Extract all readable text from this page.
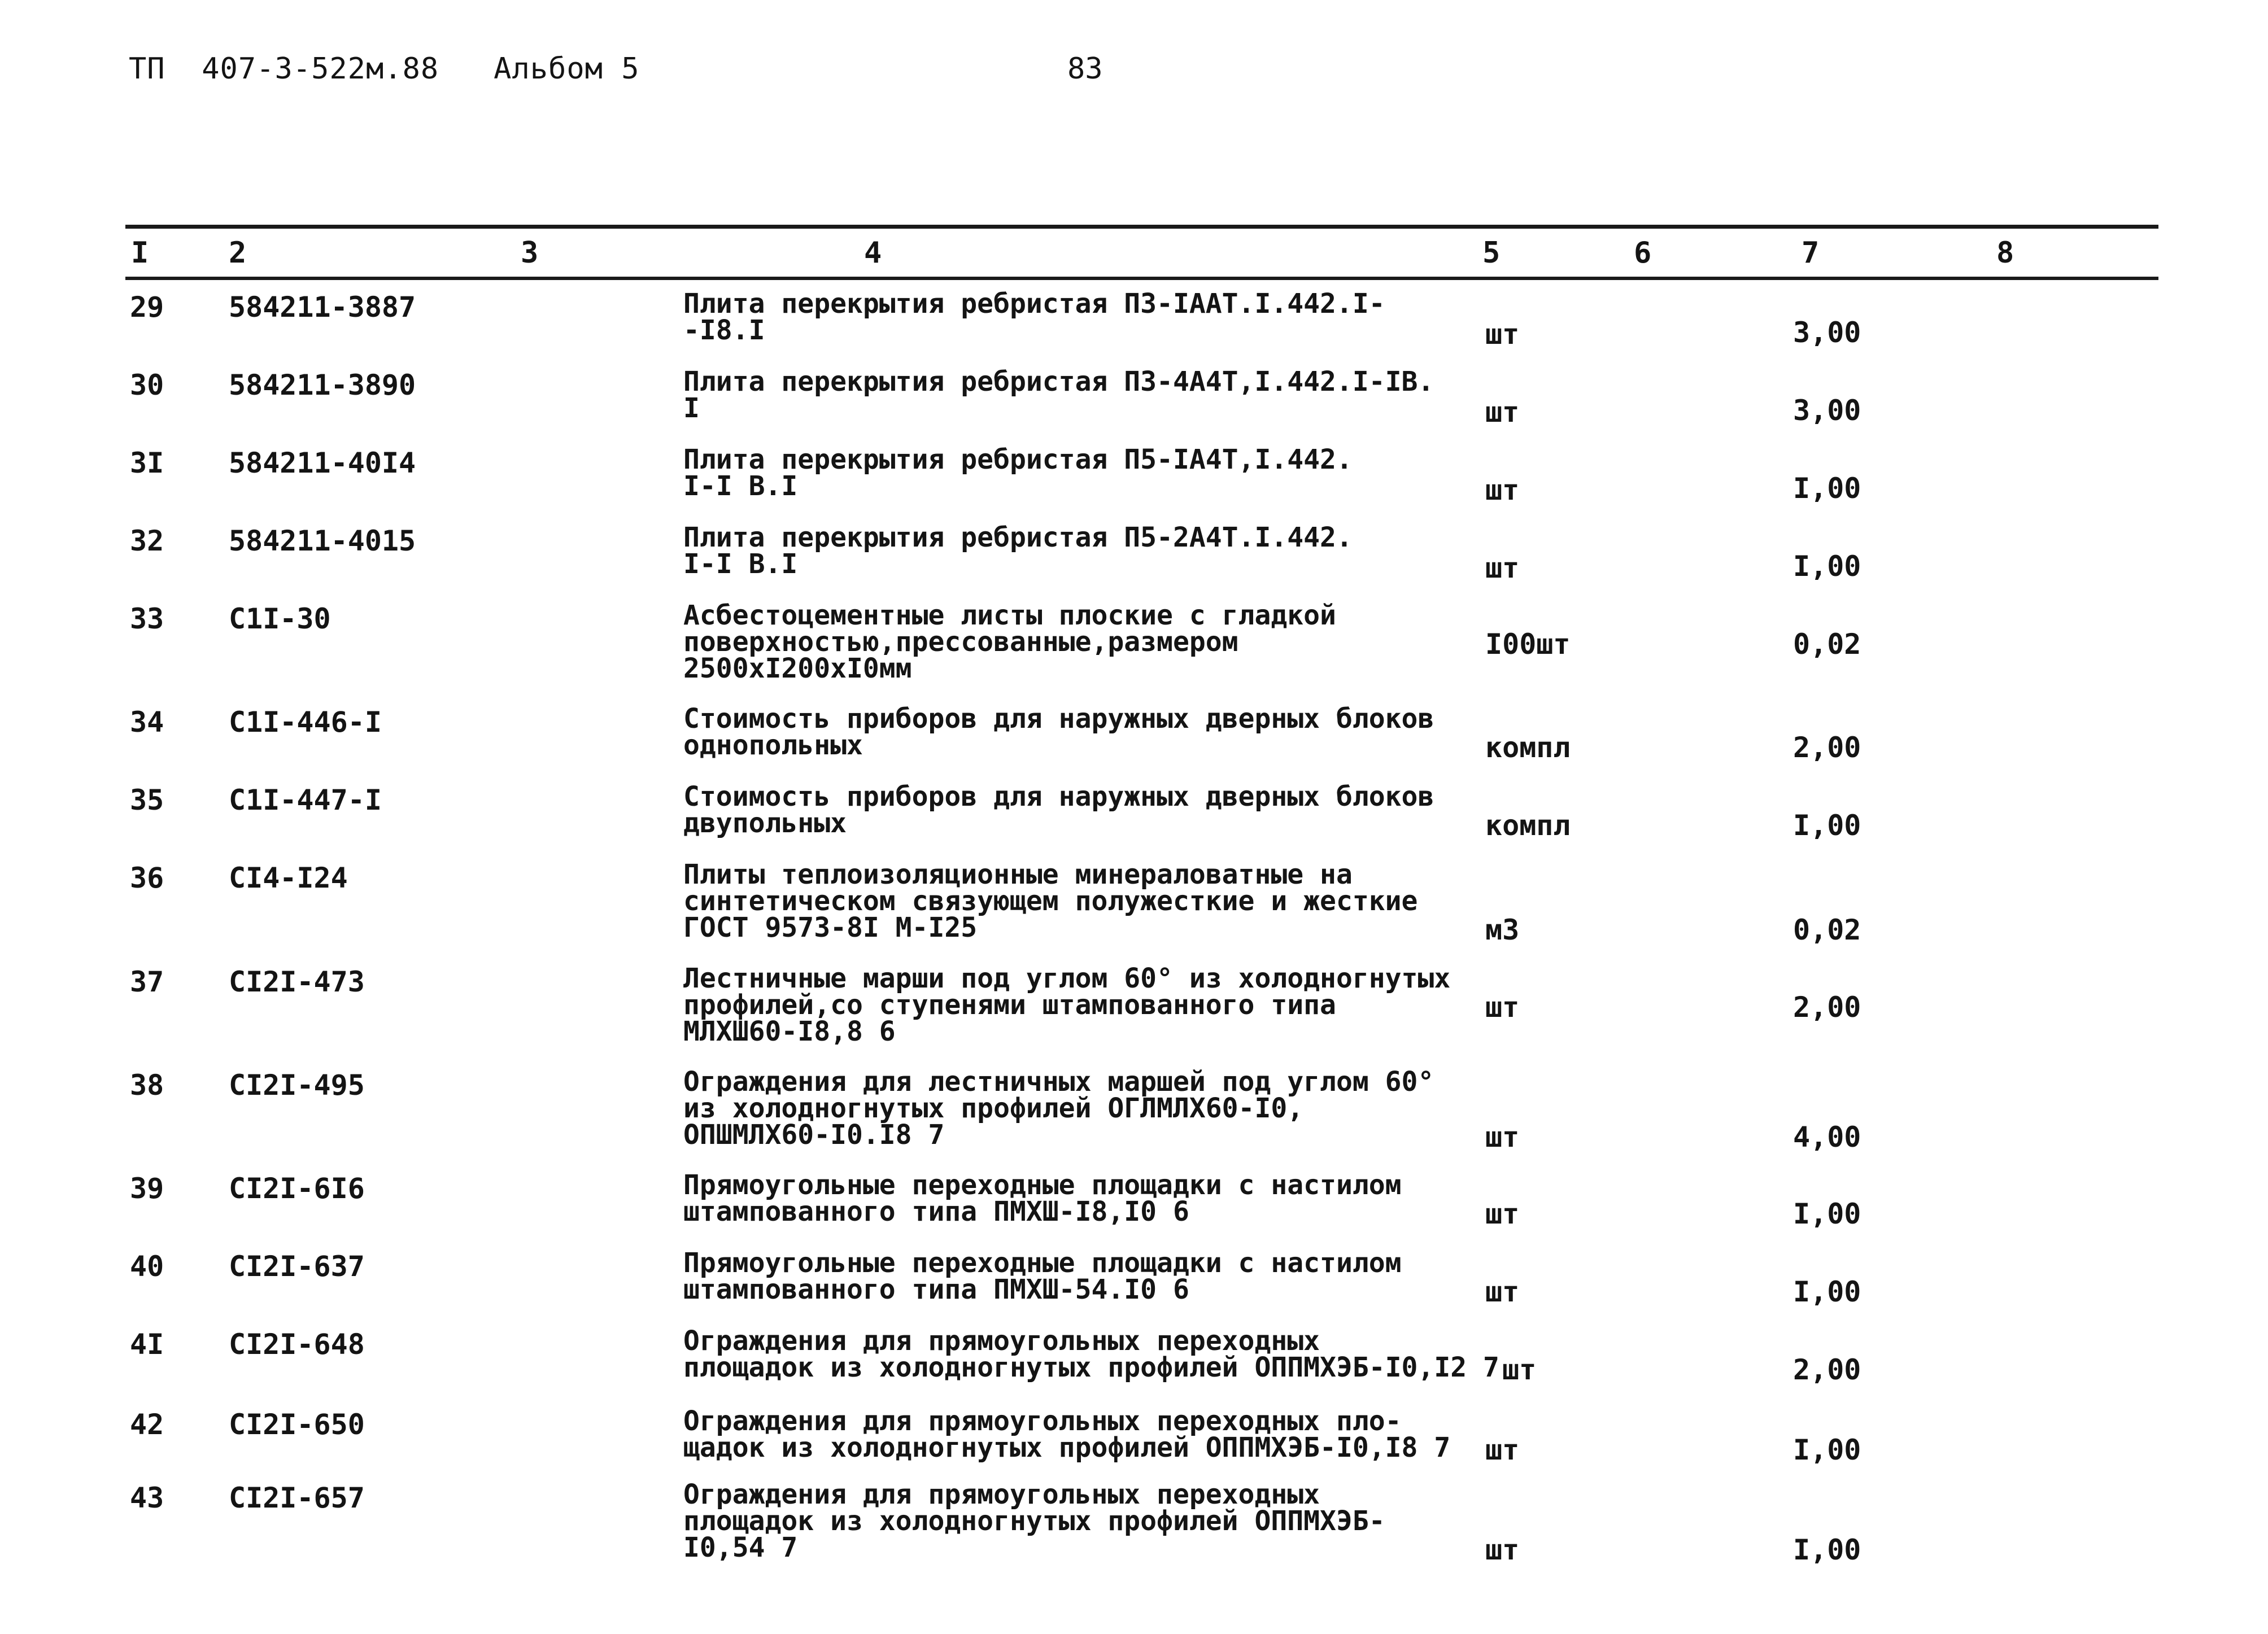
ТП  407-3-522м.88   Альбом 5	83
I	2	3	4	5	6	7	8
29 584211-3887	Плита перекрытия ребристая ПЗ-IААТ.I.442.I-
-I8.I	шт	3,00
30 584211-3890	Плита перекрытия ребристая ПЗ-4А4Т,I.442.I-IВ.
I	шт	3,00
3I 584211-40I4	Плита перекрытия ребристая П5-IА4Т,I.442.
I-I В.I	шт	I,00
32 584211-4015	Плита перекрытия ребристая П5-2А4Т.I.442.
I-I В.I	шт	I,00
33 С1I-30	Асбестоцементные листы плоские с гладкой
поверхностью,прессованные,размером
2500хI200хI0мм
I00шт	0,02
34 С1I-446-I	Стоимость приборов для наружных дверных блоков
однопольных	компл	2,00
35 С1I-447-I	Стоимость приборов для наружных дверных блоков
двупольных	компл	I,00
36 СI4-I24	Плиты теплоизоляционные минераловатные на
синтетическом связующем полужесткие и жесткие
ГОСТ 9573-8I М-I25	м3	0,02
37 СI2I-473	Лестничные марши под углом 60° из холодногнутых
профилей,со ступенями штампованного типа
МЛХШ60-I8,8 6
шт	2,00
38 СI2I-495	Ограждения для лестничных маршей под углом 60°
из холодногнутых профилей ОГЛМЛХ60-I0,
ОПШМЛХ60-I0.I8 7	шт	4,00
39 СI2I-6I6	Прямоугольные переходные площадки с настилом
штампованного типа ПМХШ-I8,I0 6	шт	I,00
40 СI2I-637	Прямоугольные переходные площадки с настилом
штампованного типа ПМХШ-54.I0 6	шт	I,00
4I СI2I-648	Ограждения для прямоугольных переходных
площадок из холодногнутых профилей ОППМХЭБ-I0,I2 7 шт	2,00
42 СI2I-650	Ограждения для прямоугольных переходных пло-
щадок из холодногнутых профилей ОППМХЭБ-I0,I8 7 шт	I,00
43 СI2I-657	Ограждения для прямоугольных переходных
площадок из холодногнутых профилей ОППМХЭБ-
I0,54 7	шт	I,00
